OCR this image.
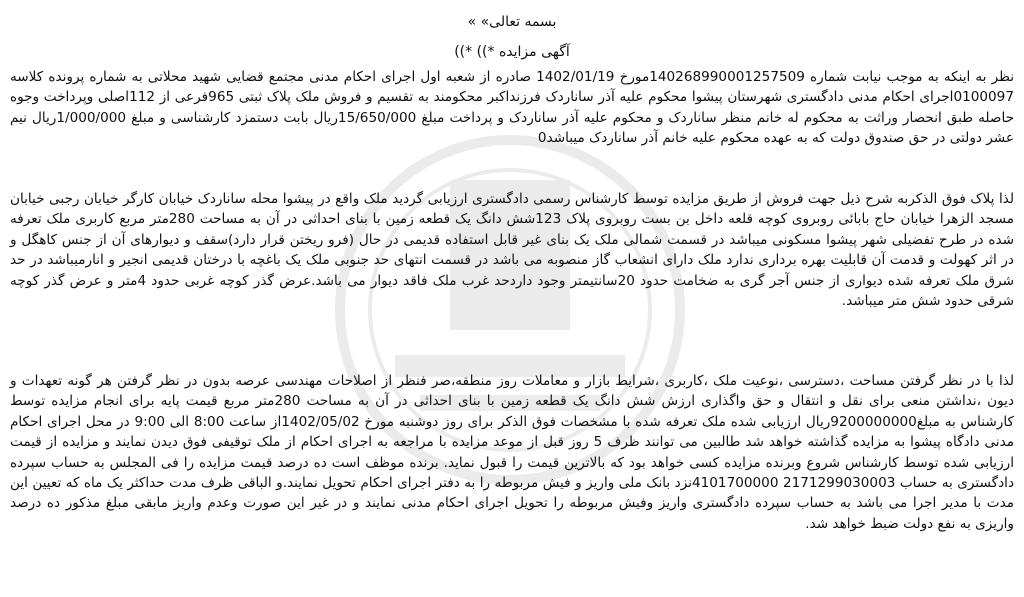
بسمه تعالی» »
آگهی مزایده *)) *))

نظر به اینکه به موجب نیابت شماره 140268990001257509مورخ 1402/01/19 صادره از شعبه اول اجرای احکام مدنی مجتمع قضایی شهید محلاتی به شماره پرونده کلاسه 0100097اجرای احکام مدنی دادگستری شهرستان پیشوا محکوم علیه آذر ساناردک فرزنداکبر محکومند به تقسیم و فروش ملک پلاک ثبتی 965فرعی از 112اصلی وپرداخت وجوه حاصله طبق انحصار وراثت به محکوم له خانم منظر ساناردک و محکوم علیه آذر ساناردک و پرداخت مبلغ 15/650/000ریال بابت دستمزد کارشناسی و مبلغ 1/000/000ریال نیم عشر دولتی در حق صندوق دولت که به عهده محکوم علیه خانم آذر ساناردک میباشد0

لذا پلاک فوق الذکربه شرح ذیل جهت فروش از طریق مزایده توسط کارشناس رسمی دادگستری ارزیابی گردید ملک واقع در پیشوا محله ساناردک خیابان کارگر خیابان رجبی خیابان مسجد الزهرا خیابان حاج بابائی روبروی کوچه قلعه داخل بن بست روبروی پلاک 123شش دانگ یک قطعه زمین با بنای احداثی در آن به مساحت 280متر مربع کاربری ملک تعرفه شده در طرح تفضیلی شهر پیشوا مسکونی میباشد در قسمت شمالی ملک یک بنای غیر قابل استفاده قدیمی در حال (فرو ریختن قرار دارد)سقف و دیوارهای آن از جنس کاهگل و در اثر کهولت و قدمت آن قابلیت بهره برداری ندارد ملک دارای انشعاب گاز منصوبه می باشد در قسمت انتهای حد جنوبی ملک یک باغچه با درختان قدیمی انجیر و انارمیباشد در حد شرق ملک تعرفه شده دیواری از جنس آجر گری به ضخامت حدود 20سانتیمتر وجود داردحد غرب ملک فاقد دیوار می باشد.عرض گذر کوچه غربی حدود 4متر و عرض گذر کوچه شرقی حدود شش متر میباشد.

لذا با در نظر گرفتن مساحت ،دسترسی ،نوعیت ملک ،کاربری ،شرایط بازار و معاملات روز منطقه،صر فنظر از اصلاحات مهندسی عرصه بدون در نظر گرفتن هر گونه تعهدات و دیون ،نداشتن منعی برای نقل و انتقال و حق واگذاری ارزش شش دانگ یک قطعه زمین با بنای احداثی در آن به مساحت 280متر مربع قیمت پایه برای انجام مزایده توسط کارشناس به مبلغ9200000000ریال ارزیابی شده ملک تعرفه شده با مشخصات فوق الذکر برای روز دوشنبه مورخ 1402/05/02از ساعت 8:00 الی 9:00 در محل اجرای احکام مدنی دادگاه پیشوا به مزایده گذاشته خواهد شد طالبین می توانند ظرف 5 روز قبل از موعد مزایده با مراجعه به اجرای احکام از ملک توقیفی فوق دیدن نمایند و مزایده از قیمت ارزیابی شده توسط کارشناس شروع وبرنده مزایده کسی خواهد بود که بالاترین قیمت را قبول نماید. برنده موظف است ده درصد قیمت مزایده را فی المجلس به حساب سپرده دادگستری به حساب 2171299030003 4101700000نزد بانک ملی واریز و فیش مربوطه را به دفتر اجرای احکام تحویل نمایند.و الباقی ظرف مدت حداکثر یک ماه که تعیین این مدت با مدیر اجرا می باشد به حساب سپرده دادگستری واریز وفیش مربوطه را تحویل اجرای احکام مدنی نمایند و در غیر این صورت وعدم واریز مابقی مبلغ مذکور ده درصد واریزی به نفع دولت ضبط خواهد شد.
